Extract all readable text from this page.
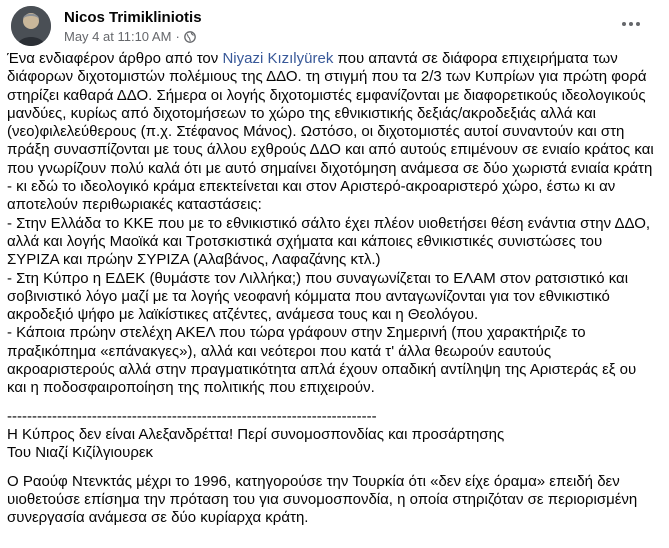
Nicos Trimikliniotis
May 4 at 11:10 AM ·

Ένα ενδιαφέρον άρθρο από τον Niyazi Kızılyürek που απαντά σε διάφορα επιχειρήματα των διάφορων διχοτομιστών πολέμιους της ΔΔΟ. τη στιγμή που τα 2/3 των Κυπρίων για πρώτη φορά στηρίζει καθαρά ΔΔΟ. Σήμερα οι λογής διχοτομιστές εμφανίζονται με διαφορετικούς ιδεολογικούς μανδύες, κυρίως από διχοτομήσεων το χώρο της εθνικιστικής δεξιάς/ακροδεξιάς αλλά και (νεο)φιλελεύθερους (π.χ. Στέφανος Μάνος). Ωστόσο, οι διχοτομιστές αυτοί συναντούν και στη πράξη συνασπίζονται με τους άλλου εχθρούς ΔΔΟ και από αυτούς επιμένουν σε ενιαίο κράτος και που γνωρίζουν πολύ καλά ότι με αυτό σημαίνει διχοτόμηση ανάμεσα σε δύο χωριστά ενιαία κράτη - κι εδώ το ιδεολογικό κράμα επεκτείνεται και στον Αριστερό-ακροαριστερό χώρο, έστω κι αν αποτελούν περιθωριακές καταστάσεις:

- Στην Ελλάδα το ΚΚΕ που με το εθνικιστικό σάλτο έχει πλέον υιοθετήσει θέση ενάντια στην ΔΔΟ, αλλά και λογής Μαοϊκά και Τροτσκιστικά σχήματα και κάποιες εθνικιστικές συνιστώσες του ΣΥΡΙΖΑ και πρώην ΣΥΡΙΖΑ (Αλαβάνος, Λαφαζάνης κτλ.)

- Στη Κύπρο η ΕΔΕΚ (θυμάστε τον Λιλλήκα;) που συναγωνίζεται το ΕΛΑΜ στον ρατσιστικό και σοβινιστικό λόγο μαζί με τα λογής νεοφανή κόμματα που ανταγωνίζονται για τον εθνικιστικό ακροδεξιό ψήφο με λαϊκίστικες ατζέντες, ανάμεσα τους και η Θεολόγου.

- Κάποια πρώην στελέχη ΑΚΕΛ που τώρα γράφουν στην Σημερινή (που χαρακτήριζε το πραξικόπημα «επάνακγες»), αλλά και νεότεροι που κατά τ' άλλα θεωρούν εαυτούς ακροαριστερούς αλλά στην πραγματικότητα απλά έχουν οπαδική αντίληψη της Αριστεράς εξ ου και η ποδοσφαιροποίηση της πολιτικής που επιχειρούν.

--------------------------------------------------------------------------

Η Κύπρος δεν είναι Αλεξανδρέττα! Περί συνομοσπονδίας και προσάρτησης

Του Νιαζί Κιζίλγιουρεκ

Ο Ραούφ Ντενκτάς μέχρι το 1996, κατηγορούσε την Τουρκία ότι «δεν είχε όραμα» επειδή δεν υιοθετούσε επίσημα την πρόταση του για συνομοσπονδία, η οποία στηριζόταν σε περιορισμένη συνεργασία ανάμεσα σε δύο κυρίαρχα κράτη.
